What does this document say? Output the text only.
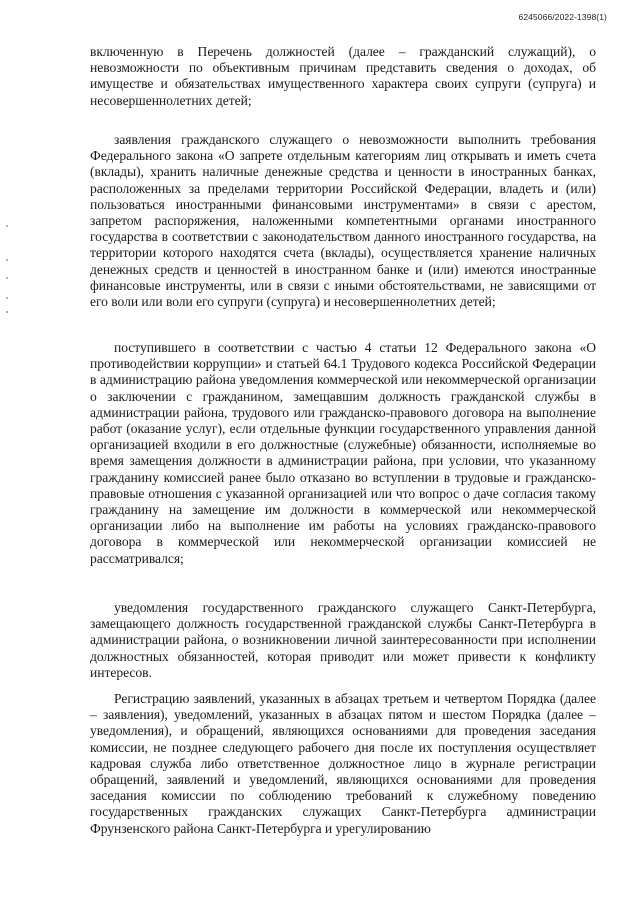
6245066/2022-1398(1)

включенную в Перечень должностей (далее – гражданский служащий), о невозможности по объективным причинам представить сведения о доходах, об имуществе и обязательствах имущественного характера своих супруги (супруга) и несовершеннолетних детей;

заявления гражданского служащего о невозможности выполнить требования Федерального закона «О запрете отдельным категориям лиц открывать и иметь счета (вклады), хранить наличные денежные средства и ценности в иностранных банках, расположенных за пределами территории Российской Федерации, владеть и (или) пользоваться иностранными финансовыми инструментами» в связи с арестом, запретом распоряжения, наложенными компетентными органами иностранного государства в соответствии с законодательством данного иностранного государства, на территории которого находятся счета (вклады), осуществляется хранение наличных денежных средств и ценностей в иностранном банке и (или) имеются иностранные финансовые инструменты, или в связи с иными обстоятельствами, не зависящими от его воли или воли его супруги (супруга) и несовершеннолетних детей;

поступившего в соответствии с частью 4 статьи 12 Федерального закона «О противодействии коррупции» и статьей 64.1 Трудового кодекса Российской Федерации в администрацию района уведомления коммерческой или некоммерческой организации о заключении с гражданином, замещавшим должность гражданской службы в администрации района, трудового или гражданско-правового договора на выполнение работ (оказание услуг), если отдельные функции государственного управления данной организацией входили в его должностные (служебные) обязанности, исполняемые во время замещения должности в администрации района, при условии, что указанному гражданину комиссией ранее было отказано во вступлении в трудовые и гражданско-правовые отношения с указанной организацией или что вопрос о даче согласия такому гражданину на замещение им должности в коммерческой или некоммерческой организации либо на выполнение им работы на условиях гражданско-правового договора в коммерческой или некоммерческой организации комиссией не рассматривался;

уведомления государственного гражданского служащего Санкт-Петербурга, замещающего должность государственной гражданской службы Санкт-Петербурга в администрации района, о возникновении личной заинтересованности при исполнении должностных обязанностей, которая приводит или может привести к конфликту интересов.

Регистрацию заявлений, указанных в абзацах третьем и четвертом Порядка (далее – заявления), уведомлений, указанных в абзацах пятом и шестом Порядка (далее – уведомления), и обращений, являющихся основаниями для проведения заседания комиссии, не позднее следующего рабочего дня после их поступления осуществляет кадровая служба либо ответственное должностное лицо в журнале регистрации обращений, заявлений и уведомлений, являющихся основаниями для проведения заседания комиссии по соблюдению требований к служебному поведению государственных гражданских служащих Санкт-Петербурга администрации Фрунзенского района Санкт-Петербурга и урегулированию
